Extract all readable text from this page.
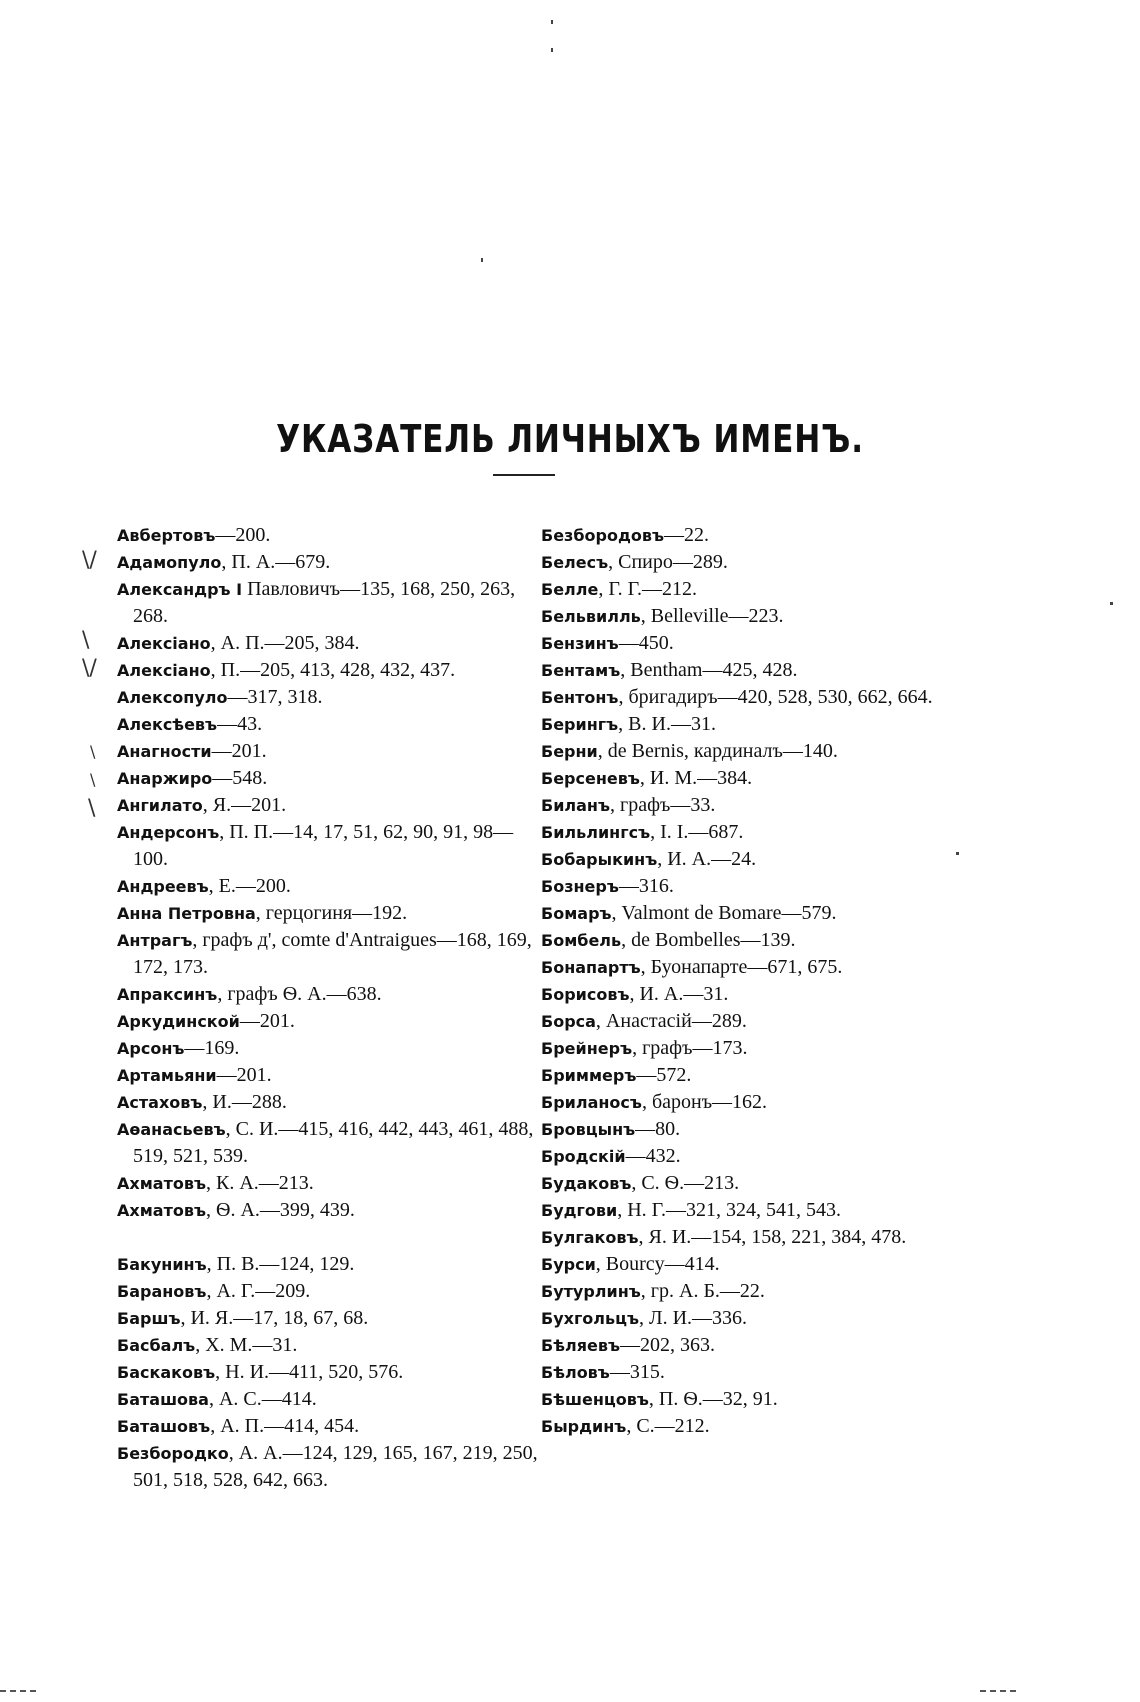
УКАЗАТЕЛЬ ЛИЧНЫХЪ ИМЕНЪ.
\/
\
\/
\
\
\
Авбертовъ—200.
Адамопуло, П. А.—679.
Александръ I Павловичъ—135, 168, 250, 263, 268.
Алексіано, А. П.—205, 384.
Алексіано, П.—205, 413, 428, 432, 437.
Алексопуло—317, 318.
Алексѣевъ—43.
Анагности—201.
Анаржиро—548.
Ангилато, Я.—201.
Андерсонъ, П. П.—14, 17, 51, 62, 90, 91, 98—100.
Андреевъ, Е.—200.
Анна Петровна, герцогиня—192.
Антрагъ, графъ д', comte d'Antraigues—168, 169, 172, 173.
Апраксинъ, графъ Ѳ. А.—638.
Аркудинской—201.
Арсонъ—169.
Артамьяни—201.
Астаховъ, И.—288.
Аѳанасьевъ, С. И.—415, 416, 442, 443, 461, 488, 519, 521, 539.
Ахматовъ, К. А.—213.
Ахматовъ, Ѳ. А.—399, 439.
Бакунинъ, П. В.—124, 129.
Барановъ, А. Г.—209.
Баршъ, И. Я.—17, 18, 67, 68.
Басбалъ, Х. М.—31.
Баскаковъ, Н. И.—411, 520, 576.
Баташова, А. С.—414.
Баташовъ, А. П.—414, 454.
Безбородко, А. А.—124, 129, 165, 167, 219, 250, 501, 518, 528, 642, 663.
Безбородовъ—22.
Белесъ, Спиро—289.
Белле, Г. Г.—212.
Бельвилль, Belleville—223.
Бензинъ—450.
Бентамъ, Bentham—425, 428.
Бентонъ, бригадиръ—420, 528, 530, 662, 664.
Берингъ, В. И.—31.
Берни, de Bernis, кардиналъ—140.
Берсеневъ, И. М.—384.
Биланъ, графъ—33.
Бильлингсъ, I. I.—687.
Бобарыкинъ, И. А.—24.
Бознеръ—316.
Бомаръ, Valmont de Bomare—579.
Бомбель, de Bombelles—139.
Бонапартъ, Буонапарте—671, 675.
Борисовъ, И. А.—31.
Борса, Анастасій—289.
Брейнеръ, графъ—173.
Бриммеръ—572.
Бриланосъ, баронъ—162.
Бровцынъ—80.
Бродскій—432.
Будаковъ, С. Ѳ.—213.
Будгови, Н. Г.—321, 324, 541, 543.
Булгаковъ, Я. И.—154, 158, 221, 384, 478.
Бурси, Bourcy—414.
Бутурлинъ, гр. А. Б.—22.
Бухгольцъ, Л. И.—336.
Бѣляевъ—202, 363.
Бѣловъ—315.
Бѣшенцовъ, П. Ѳ.—32, 91.
Бырдинъ, С.—212.
